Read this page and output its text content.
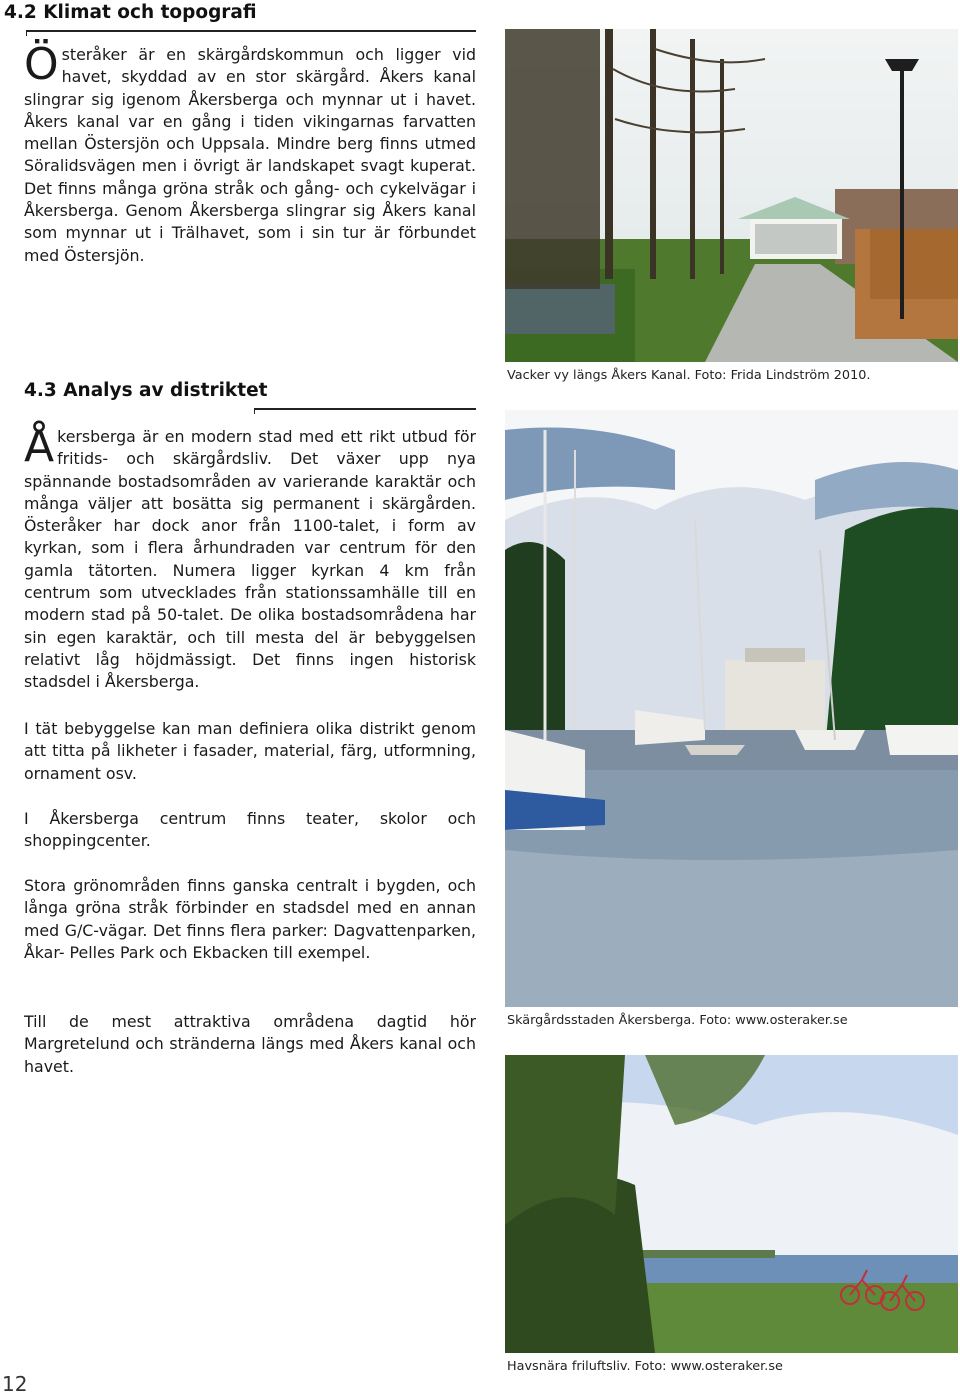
4.2 Klimat och topografi

Österåker är en skärgårdskommun och ligger vid havet, skyddad av en stor skärgård. Åkers kanal slingrar sig igenom Åkersberga och mynnar ut i havet. Åkers kanal var en gång i tiden vikingarnas farvatten mellan Östersjön och Uppsala. Mindre berg finns utmed Söralidsvägen men i övrigt är landskapet svagt kuperat. Det finns många gröna stråk och gång- och cykelvägar i Åkersberga. Genom Åkersberga slingrar sig Åkers kanal som mynnar ut i Trälhavet, som i sin tur är förbundet med Östersjön.

4.3 Analys av distriktet

Åkersberga är en modern stad med ett rikt utbud för fritids- och skärgårdsliv. Det växer upp nya spännande bostadsområden av varierande karaktär och många väljer att bosätta sig permanent i skärgården. Österåker har dock anor från 1100-talet, i form av kyrkan, som i flera århundraden var centrum för den gamla tätorten. Numera ligger kyrkan 4 km från centrum som utvecklades från stationssamhälle till en modern stad på 50-talet. De olika bostadsområdena har sin egen karaktär, och till mesta del är bebyggelsen relativt låg höjdmässigt. Det finns ingen historisk stadsdel i Åkersberga.

I tät bebyggelse kan man definiera olika distrikt genom att titta på likheter i fasader, material, färg, utformning, ornament osv.

I Åkersberga centrum finns teater, skolor och shoppingcenter.

Stora grönområden finns ganska centralt i bygden, och långa gröna stråk förbinder en stadsdel med en annan med G/C-vägar. Det finns flera parker: Dagvattenparken, Åkar- Pelles Park och Ekbacken till exempel.

Till de mest attraktiva områdena dagtid hör Margretelund och stränderna längs med Åkers kanal och havet.

Vacker vy längs Åkers Kanal. Foto: Frida Lindström 2010.
Skärgårdsstaden Åkersberga. Foto: www.osteraker.se
Havsnära friluftsliv. Foto: www.osteraker.se
12
